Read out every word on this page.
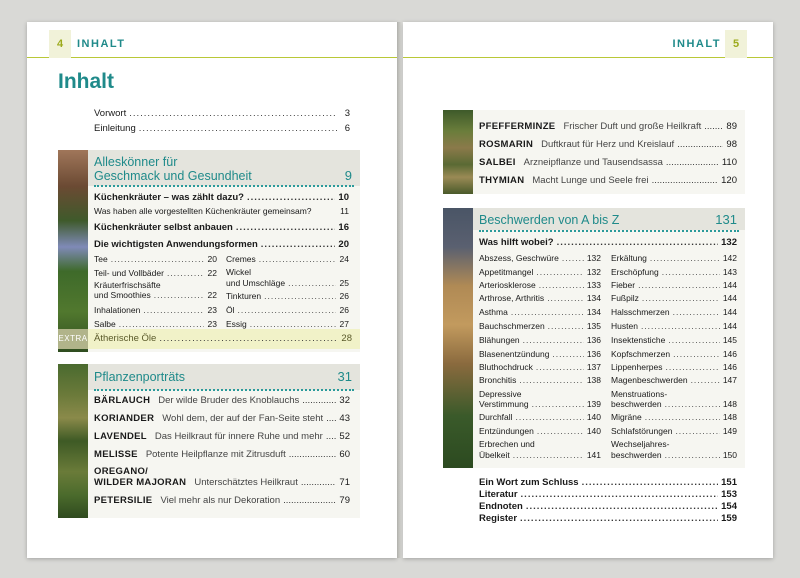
4	INHALT
Inhalt
Vorwort .....	3
Einleitung .....	6
Alleskönner für
Geschmack und Gesundheit	9
Küchenkräuter – was zählt dazu? .....	10
Was haben alle vorgestellten Küchenkräuter gemeinsam?	11
Küchenkräuter selbst anbauen .....	16
Die wichtigsten Anwendungsformen .....	20
Tee .....	20
Teil- und Vollbäder .....	22
Kräuterfrischsäfte
und Smoothies .....	22
Inhalationen .....	23
Salbe .....	23
Cremes .....	24
Wickel
und Umschläge .....	25
Tinkturen .....	26
Öl .....	26
Essig .....	27
EXTRA Ätherische Öle .....	28
Pflanzenporträts	31
BÄRLAUCH Der wilde Bruder des Knoblauchs .....	32
KORIANDER Wohl dem, der auf der Fan-Seite steht ..... 43
LAVENDEL Das Heilkraut für innere Ruhe und mehr ..... 52
MELISSE Potente Heilpflanze mit Zitrusduft .....	60
OREGANO/
WILDER MAJORAN Unterschätztes Heilkraut .....	71
PETERSILIE Viel mehr als nur Dekoration .....	79
INHALT	5
PFEFFERMINZE Frischer Duft und große Heilkraft .....	89
ROSMARIN Duftkraut für Herz und Kreislauf .....	98
SALBEI Arzneipflanze und Tausendsassa .....	110
THYMIAN Macht Lunge und Seele frei .....	120
Beschwerden von A bis Z	131
Was hilft wobei? .....	132
Abszess, Geschwüre .....	132
Appetitmangel .....	132
Arteriosklerose .....	133
Arthrose, Arthritis .....	134
Asthma .....	134
Bauchschmerzen .....	135
Blähungen .....	136
Blasenentzündung .....	136
Bluthochdruck .....	137
Bronchitis .....	138
Depressive
Verstimmung .....	139
Durchfall .....	140
Entzündungen .....	140
Erbrechen und
Übelkeit .....	141
Erkältung .....	142
Erschöpfung .....	143
Fieber .....	144
Fußpilz .....	144
Halsschmerzen .....	144
Husten .....	144
Insektenstiche .....	145
Kopfschmerzen .....	146
Lippenherpes .....	146
Magenbeschwerden .....	147
Menstruations-
beschwerden .....	148
Migräne .....	148
Schlafstörungen .....	149
Wechseljahres-
beschwerden .....	150
Ein Wort zum Schluss .....	151
Literatur .....	153
Endnoten .....	154
Register .....	159
